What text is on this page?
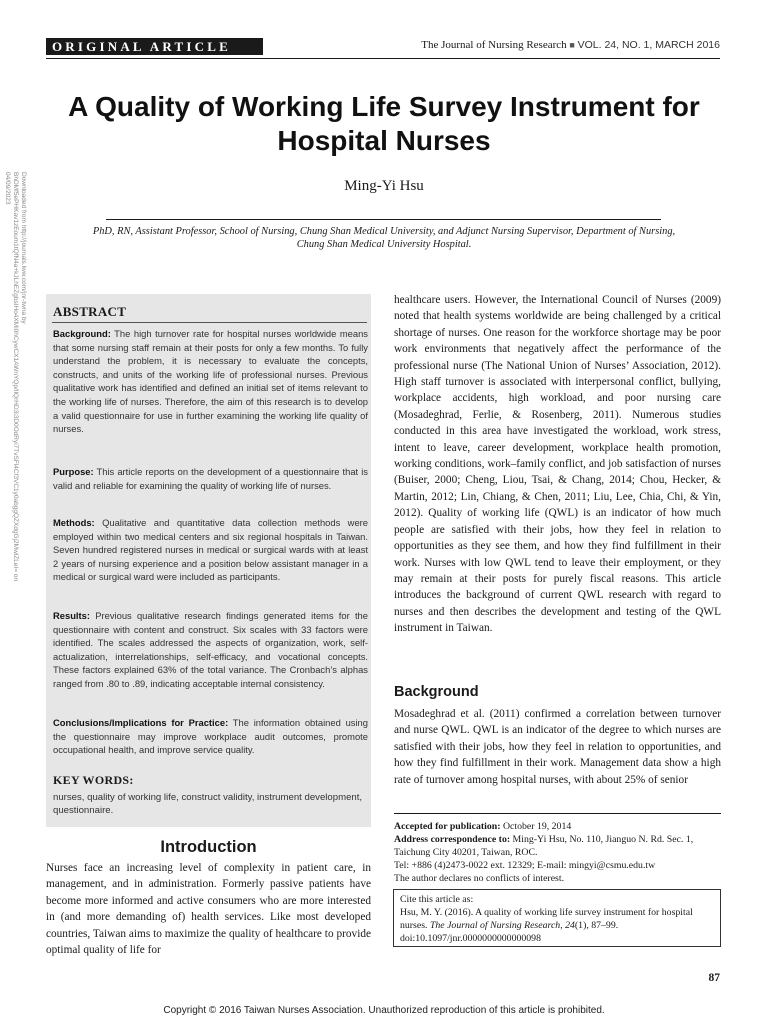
ORIGINAL ARTICLE	The Journal of Nursing Research ■ VOL. 24, NO. 1, MARCH 2016
A Quality of Working Life Survey Instrument for Hospital Nurses
Ming-Yi Hsu
PhD, RN, Assistant Professor, School of Nursing, Chung Shan Medical University, and Adjunct Nursing Supervisor, Department of Nursing, Chung Shan Medical University Hospital.
Downloaded from http://journals.lww.com/jnr-twna by BhDMf5ePHKav1zEoum1tQfN4a+kJLhEZgbsIHo4XMi0hCywCX1AWnYQp/IlQrHD3i3D0OdRyi7TvSFl4Cf3VC1y0abggQZXdgGj2MwlZLeI= on 04/09/2023
ABSTRACT
Background: The high turnover rate for hospital nurses worldwide means that some nursing staff remain at their posts for only a few months. To fully understand the problem, it is necessary to evaluate the concepts, constructs, and units of the working life of professional nurses. Previous qualitative work has identified and defined an initial set of items relevant to the working life of nurses. Therefore, the aim of this research is to develop a valid questionnaire for use in further examining the working life quality of nurses.
Purpose: This article reports on the development of a questionnaire that is valid and reliable for examining the quality of working life of nurses.
Methods: Qualitative and quantitative data collection methods were employed within two medical centers and six regional hospitals in Taiwan. Seven hundred registered nurses in medical or surgical wards with at least 2 years of nursing experience and a position below assistant manager in a medical or surgical ward were included as participants.
Results: Previous qualitative research findings generated items for the questionnaire with content and construct. Six scales with 33 factors were identified. The scales addressed the aspects of organization, work, self-actualization, interrelationships, self-efficacy, and vocational concepts. These factors explained 63% of the total variance. The Cronbach’s alphas ranged from .80 to .89, indicating acceptable internal consistency.
Conclusions/Implications for Practice: The information obtained using the questionnaire may improve workplace audit outcomes, promote occupational health, and improve service quality.
KEY WORDS:
nurses, quality of working life, construct validity, instrument development, questionnaire.
Introduction
Nurses face an increasing level of complexity in patient care, in management, and in administration. Formerly passive patients have become more informed and active consumers who are more interested in (and more demanding of) health services. Like most developed countries, Taiwan aims to maximize the quality of healthcare to provide optimal quality of life for
healthcare users. However, the International Council of Nurses (2009) noted that health systems worldwide are being challenged by a critical shortage of nurses. One reason for the workforce shortage may be poor work environments that negatively affect the performance of the professional nurse (The National Union of Nurses’ Association, 2012). High staff turnover is associated with interpersonal conflict, bullying, workplace accidents, high workload, and poor nursing care (Mosadeghrad, Ferlie, & Rosenberg, 2011). Numerous studies conducted in this area have investigated the workload, work stress, intent to leave, career development, workplace health promotion, working conditions, work–family conflict, and job satisfaction of nurses (Buiser, 2000; Cheng, Liou, Tsai, & Chang, 2014; Chou, Hecker, & Martin, 2012; Lin, Chiang, & Chen, 2011; Liu, Lee, Chia, Chi, & Yin, 2012). Quality of working life (QWL) is an indicator of how much people are satisfied with their jobs, how they feel in relation to opportunities as they see them, and how they find fulfillment in their work. Nurses with low QWL tend to leave their employment, or they may remain at their posts for purely fiscal reasons. This article introduces the background of current QWL research with regard to nurses and then describes the development and testing of the QWL instrument in Taiwan.
Background
Mosadeghrad et al. (2011) confirmed a correlation between turnover and nurse QWL. QWL is an indicator of the degree to which nurses are satisfied with their jobs, how they feel in relation to opportunities, and how they find fulfillment in their work. Management data show a high rate of turnover among hospital nurses, with about 25% of senior
Accepted for publication: October 19, 2014
Address correspondence to: Ming-Yi Hsu, No. 110, Jianguo N. Rd. Sec. 1, Taichung City 40201, Taiwan, ROC.
Tel: +886 (4)2473-0022 ext. 12329; E-mail: mingyi@csmu.edu.tw
The author declares no conflicts of interest.
Cite this article as:
Hsu, M. Y. (2016). A quality of working life survey instrument for hospital nurses. The Journal of Nursing Research, 24(1), 87–99.
doi:10.1097/jnr.0000000000000098
87
Copyright © 2016 Taiwan Nurses Association. Unauthorized reproduction of this article is prohibited.
